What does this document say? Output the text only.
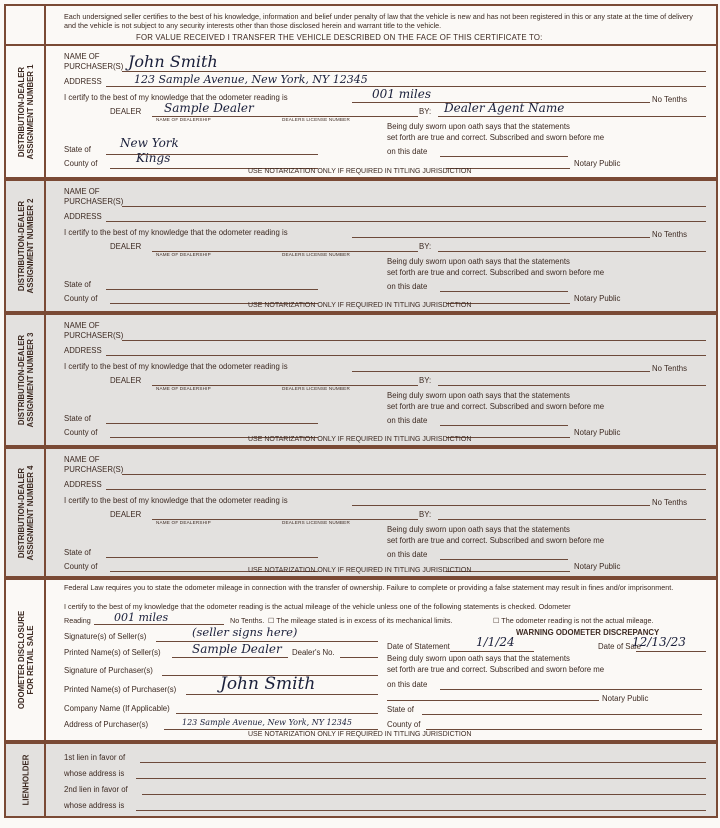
Each undersigned seller certifies to the best of his knowledge, information and belief under penalty of law that the vehicle is new and has not been registered in this or any state at the time of delivery and the vehicle is not subject to any security interests other than those disclosed herein and warrant title to the vehicle.
FOR VALUE RECEIVED I TRANSFER THE VEHICLE DESCRIBED ON THE FACE OF THIS CERTIFICATE TO:
DISTRIBUTION-DEALER ASSIGNMENT NUMBER 1
NAME OF
PURCHASER(S) John Smith
ADDRESS	123 Sample Avenue, New York, NY 12345
I certify to the best of my knowledge that the odometer reading is	001 miles	No Tenths
DEALER Sample Dealer
NAME OF DEALERSHIP	DEALERS LICENSE NUMBER
BY: Dealer Agent Name
Being duly sworn upon oath says that the statements
set forth are true and correct. Subscribed and sworn before me
on this date
State of New York
County of	Kings	Notary Public
USE NOTARIZATION ONLY IF REQUIRED IN TITLING JURISDICTION
DISTRIBUTION-DEALER ASSIGNMENT NUMBER 2
NAME OF
PURCHASER(S)
ADDRESS
I certify to the best of my knowledge that the odometer reading is	No Tenths
DEALER
NAME OF DEALERSHIP	DEALERS LICENSE NUMBER
BY:
Being duly sworn upon oath says that the statements
set forth are true and correct. Subscribed and sworn before me
on this date
State of
County of	Notary Public
USE NOTARIZATION ONLY IF REQUIRED IN TITLING JURISDICTION
DISTRIBUTION-DEALER ASSIGNMENT NUMBER 3
NAME OF
PURCHASER(S)
ADDRESS
I certify to the best of my knowledge that the odometer reading is	No Tenths
DEALER
NAME OF DEALERSHIP	DEALERS LICENSE NUMBER
BY:
Being duly sworn upon oath says that the statements
set forth are true and correct. Subscribed and sworn before me
on this date
State of
County of	Notary Public
USE NOTARIZATION ONLY IF REQUIRED IN TITLING JURISDICTION
DISTRIBUTION-DEALER ASSIGNMENT NUMBER 4
NAME OF
PURCHASER(S)
ADDRESS
I certify to the best of my knowledge that the odometer reading is	No Tenths
DEALER
NAME OF DEALERSHIP	DEALERS LICENSE NUMBER
BY:
Being duly sworn upon oath says that the statements
set forth are true and correct. Subscribed and sworn before me
on this date
State of
County of	Notary Public
USE NOTARIZATION ONLY IF REQUIRED IN TITLING JURISDICTION
ODOMETER DISCLOSURE FOR RETAIL SALE
Federal Law requires you to state the odometer mileage in connection with the transfer of ownership. Failure to complete or providing a false statement may result in fines and/or imprisonment.
I certify to the best of my knowledge that the odometer reading is the actual mileage of the vehicle unless one of the following statements is checked. Odometer
Reading 001 miles	No Tenths. ☐ The mileage stated is in excess of its mechanical limits.	☐ The odometer reading is not the actual mileage.
Signature(s) of Seller(s)	(seller signs here)	WARNING ODOMETER DISCREPANCY
Printed Name(s) of Seller(s)	Sample Dealer Dealer's No.
Date of Statement 1/1/24	Date of Sale
12/13/23
Being duly sworn upon oath says that the statements
set forth are true and correct. Subscribed and sworn before me
on this date
Signature of Purchaser(s)
Printed Name(s) of Purchaser(s)	John Smith
Notary Public
Company Name (If Applicable)	State of
Address of Purchaser(s)	123 Sample Avenue, New York, NY 12345	County of
USE NOTARIZATION ONLY IF REQUIRED IN TITLING JURISDICTION
LIENHOLDER	1st lien in favor of
whose address is
2nd lien in favor of
whose address is
